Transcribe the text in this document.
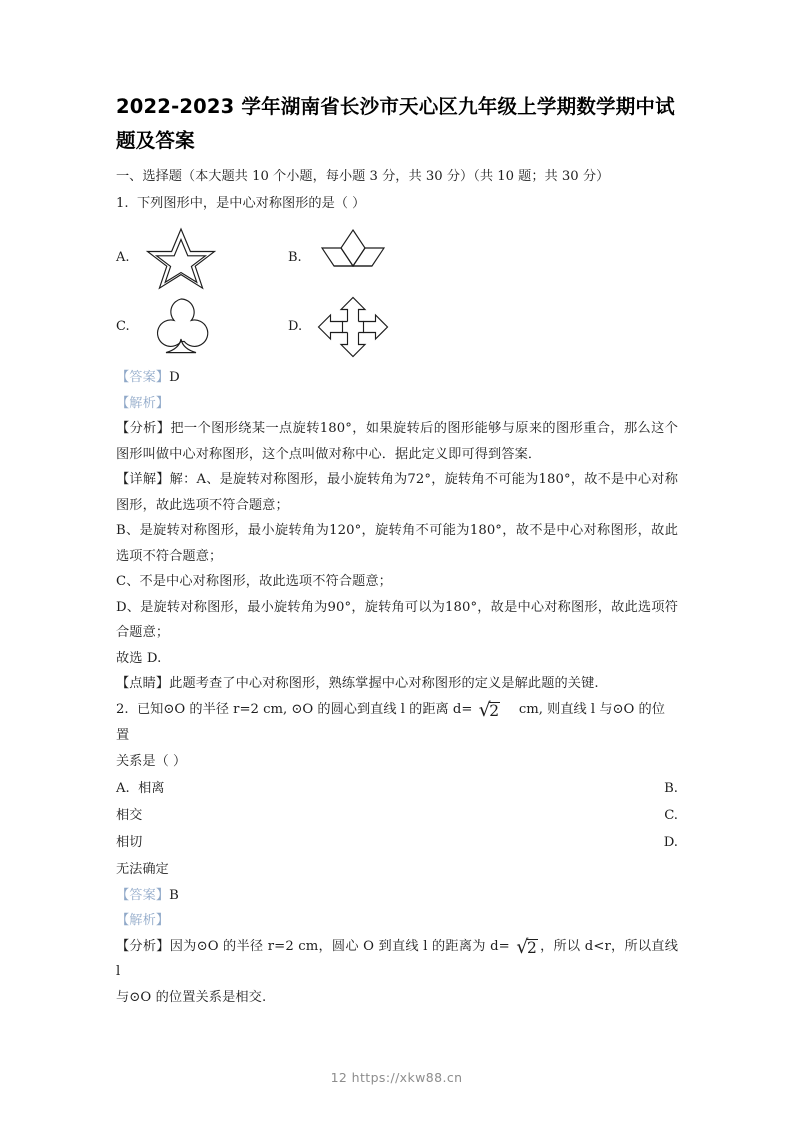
2022-2023 学年湖南省长沙市天心区九年级上学期数学期中试题及答案

一、选择题（本大题共 10 个小题，每小题 3 分，共 30 分）（共 10 题；共 30 分）

1. 下列图形中，是中心对称图形的是（ ）

A.	B.
C.	D.

【答案】D

【解析】

【分析】把一个图形绕某一点旋转180°，如果旋转后的图形能够与原来的图形重合，那么这个图形叫做中心对称图形，这个点叫做对称中心．据此定义即可得到答案．

【详解】解：A、是旋转对称图形，最小旋转角为72°，旋转角不可能为180°，故不是中心对称图形，故此选项不符合题意；

B、是旋转对称图形，最小旋转角为120°，旋转角不可能为180°，故不是中心对称图形，故此选项不符合题意；

C、不是中心对称图形，故此选项不符合题意；

D、是旋转对称图形，最小旋转角为90°，旋转角可以为180°，故是中心对称图形，故此选项符合题意；

故选 D.

【点睛】此题考查了中心对称图形，熟练掌握中心对称图形的定义是解此题的关键.

2. 已知⊙O 的半径 r=2 cm, ⊙O 的圆心到直线 l 的距离 d= √2 cm, 则直线 l 与⊙O 的位置

关系是（ ）

A. 相离	B.
相交	C.
相切	D.
无法确定

【答案】B

【解析】

【分析】因为⊙O 的半径 r=2 cm，圆心 O 到直线 l 的距离为 d= √2 ，所以 d<r，所以直线 l

与⊙O 的位置关系是相交.

12 https://xkw88.cn
